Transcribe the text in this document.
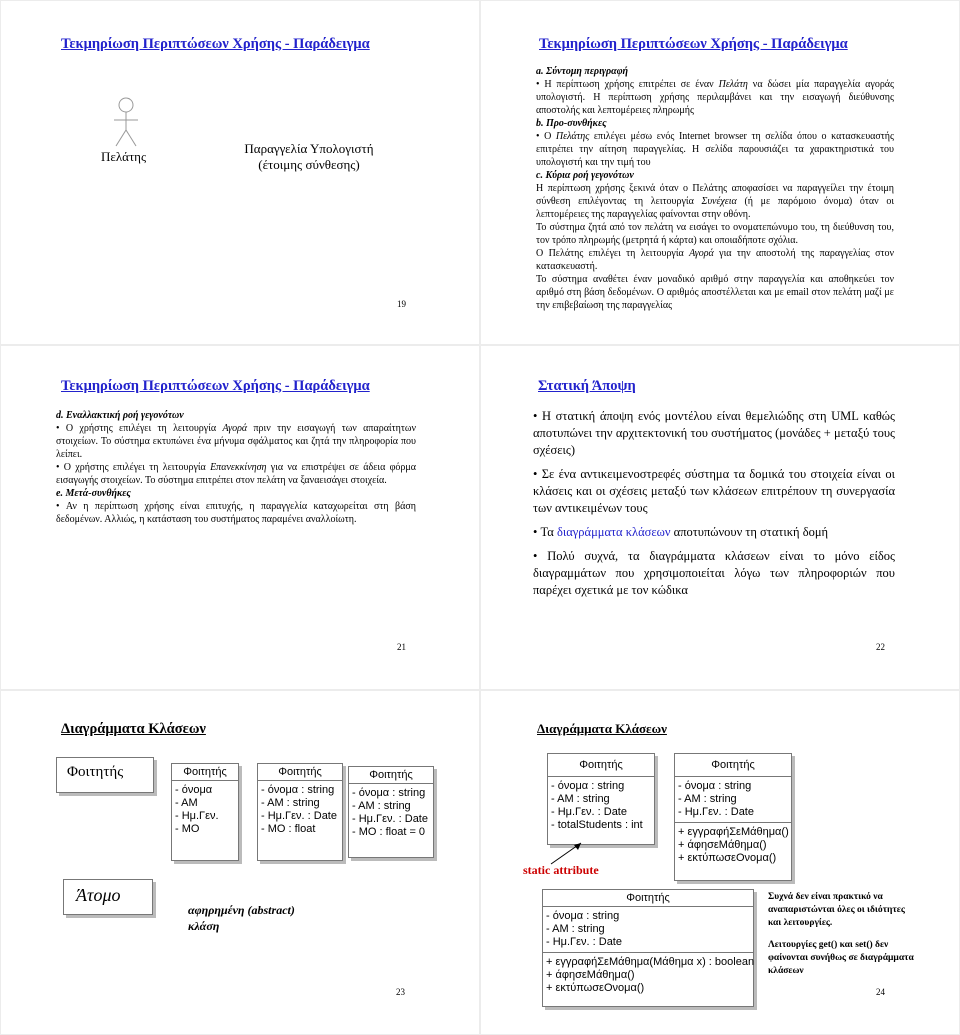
Τεκμηρίωση Περιπτώσεων Χρήσης - Παράδειγμα
Πελάτης
Παραγγελία Υπολογιστή
(έτοιμης σύνθεσης)
19
Τεκμηρίωση Περιπτώσεων Χρήσης - Παράδειγμα

a. Σύντομη περιγραφή

• Η περίπτωση χρήσης επιτρέπει σε έναν Πελάτη να δώσει μία παραγγελία αγοράς υπολογιστή. Η περίπτωση χρήσης περιλαμβάνει και την εισαγωγή διεύθυνσης αποστολής και λεπτομέρειες πληρωμής

b. Προ-συνθήκες

• Ο Πελάτης επιλέγει μέσω ενός Internet browser τη σελίδα όπου ο κατασκευαστής επιτρέπει την αίτηση παραγγελίας. Η σελίδα παρουσιάζει τα χαρακτηριστικά του υπολογιστή και την τιμή του

c. Κύρια ροή γεγονότων

Η περίπτωση χρήσης ξεκινά όταν ο Πελάτης αποφασίσει να παραγγείλει την έτοιμη σύνθεση επιλέγοντας τη λειτουργία Συνέχεια (ή με παρόμοιο όνομα) όταν οι λεπτομέρειες της παραγγελίας φαίνονται στην οθόνη.

Το σύστημα ζητά από τον πελάτη να εισάγει το ονοματεπώνυμο του, τη διεύθυνση του, τον τρόπο πληρωμής (μετρητά ή κάρτα) και οποιαδήποτε σχόλια.

Ο Πελάτης επιλέγει τη λειτουργία Αγορά για την αποστολή της παραγγελίας στον κατασκευαστή.

Το σύστημα αναθέτει έναν μοναδικό αριθμό στην παραγγελία και αποθηκεύει τον αριθμό στη βάση δεδομένων. Ο αριθμός αποστέλλεται και με email στον πελάτη μαζί με την επιβεβαίωση της παραγγελίας

Τεκμηρίωση Περιπτώσεων Χρήσης - Παράδειγμα

d. Εναλλακτική ροή γεγονότων

• Ο χρήστης επιλέγει τη λειτουργία Αγορά πριν την εισαγωγή των απαραίτητων στοιχείων. Το σύστημα εκτυπώνει ένα μήνυμα σφάλματος και ζητά την πληροφορία που λείπει.

• Ο χρήστης επιλέγει τη λειτουργία Επανεκκίνηση για να επιστρέψει σε άδεια φόρμα εισαγωγής στοιχείων. Το σύστημα επιτρέπει στον πελάτη να ξαναεισάγει στοιχεία.

e. Μετά-συνθήκες

• Αν η περίπτωση χρήσης είναι επιτυχής, η παραγγελία καταχωρείται στη βάση δεδομένων. Αλλιώς, η κατάσταση του συστήματος παραμένει αναλλοίωτη.

21
Στατική Άποψη

• Η στατική άποψη ενός μοντέλου είναι θεμελιώδης στη UML καθώς αποτυπώνει την αρχιτεκτονική του συστήματος (μονάδες + μεταξύ τους σχέσεις)

• Σε ένα αντικειμενοστρεφές σύστημα τα δομικά του στοιχεία είναι οι κλάσεις και οι σχέσεις μεταξύ των κλάσεων επιτρέπουν τη συνεργασία των αντικειμένων τους

• Τα διαγράμματα κλάσεων αποτυπώνουν τη στατική δομή

• Πολύ συχνά, τα διαγράμματα κλάσεων είναι το μόνο είδος διαγραμμάτων που χρησιμοποιείται λόγω των πληροφοριών που παρέχει σχετικά με τον κώδικα

22
Διαγράμματα Κλάσεων
Φοιτητής	Φοιτητής
- όνομα
- ΑΜ
- Ημ.Γεν.
- ΜΟ
Φοιτητής
- όνομα : string
- AM : string
- Ημ.Γεν. : Date
- ΜΟ : float
Φοιτητής
- όνομα : string
- AM : string
- Ημ.Γεν. : Date
- ΜΟ : float = 0
Άτομο
αφηρημένη (abstract)
κλάση
23
Διαγράμματα Κλάσεων
Φοιτητής
- όνομα : string
- AM : string
- Ημ.Γεν. : Date
- totalStudents : int
static attribute
Φοιτητής
- όνομα : string
- AM : string
- Ημ.Γεν. : Date
+ εγγραφήΣεΜάθημα()
+ άφησεΜάθημα()
+ εκτύπωσεΟνομα()
Φοιτητής
- όνομα : string
- AM : string
- Ημ.Γεν. : Date
+ εγγραφήΣεΜάθημα(Μάθημα x) : boolean
+ άφησεΜάθημα()
+ εκτύπωσεΟνομα()
Συχνά δεν είναι πρακτικό να αναπαριστώνται όλες οι ιδιότητες και λειτουργίες.
Λειτουργίες get() και set() δεν φαίνονται συνήθως σε διαγράμματα κλάσεων
24
